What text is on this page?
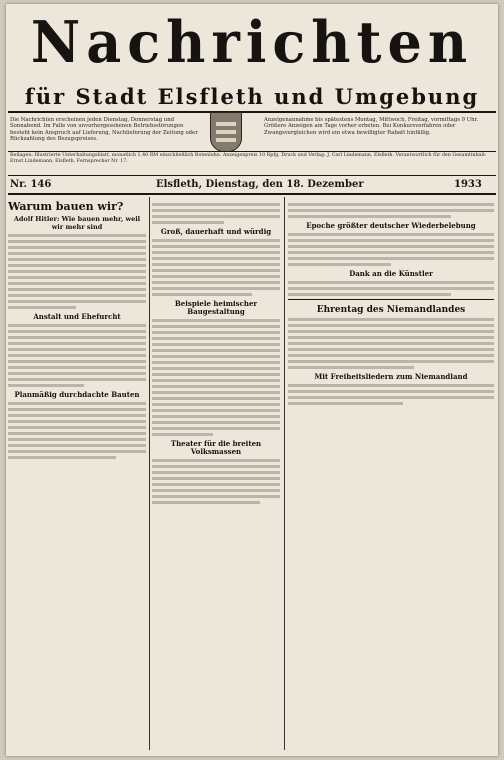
Nachrichten
für Stadt Elsfleth und Umgebung
Die Nachrichten erscheinen jeden Dienstag, Donnerstag und Sonnabend. Im Falle von unvorhergesehenen Betriebsstörungen besteht kein Anspruch auf Lieferung, Nachlieferung der Zeitung oder Rückzahlung des Bezugspreises.
Anzeigenannahme bis spätestens Montag, Mittwoch, Freitag, vormittags 9 Uhr. Größere Anzeigen am Tage vorher erbeten. Bei Konkursverfahren oder Zwangsvergleichen wird ein etwa bewilligter Rabatt hinfällig.
Beilagen: Illustrierte Unterhaltungsblatt, monatlich 1,40 RM einschließlich Botenlohn. Anzeigenpreis 10 Rpfg. Druck und Verlag: J. Carl Lindemann, Elsfleth. Verantwortlich für den Gesamtinhalt: Ernst Lindemann, Elsfleth. Fernsprecher Nr. 17.
Nr. 146	Elsfleth, Dienstag, den 18. Dezember	1933
Warum bauen wir?
Adolf Hitler: Wie bauen mehr, weil wir mehr sind
Anstalt und Ehefurcht
Planmäßig durchdachte Bauten
Groß, dauerhaft und würdig
Beispiele heimischer Baugestaltung
Theater für die breiten Volksmassen
Epoche größter deutscher Wiederbelebung
Dank an die Künstler
Ehrentag des Niemandlandes
Mit Freiheitsliedern zum Niemandland
